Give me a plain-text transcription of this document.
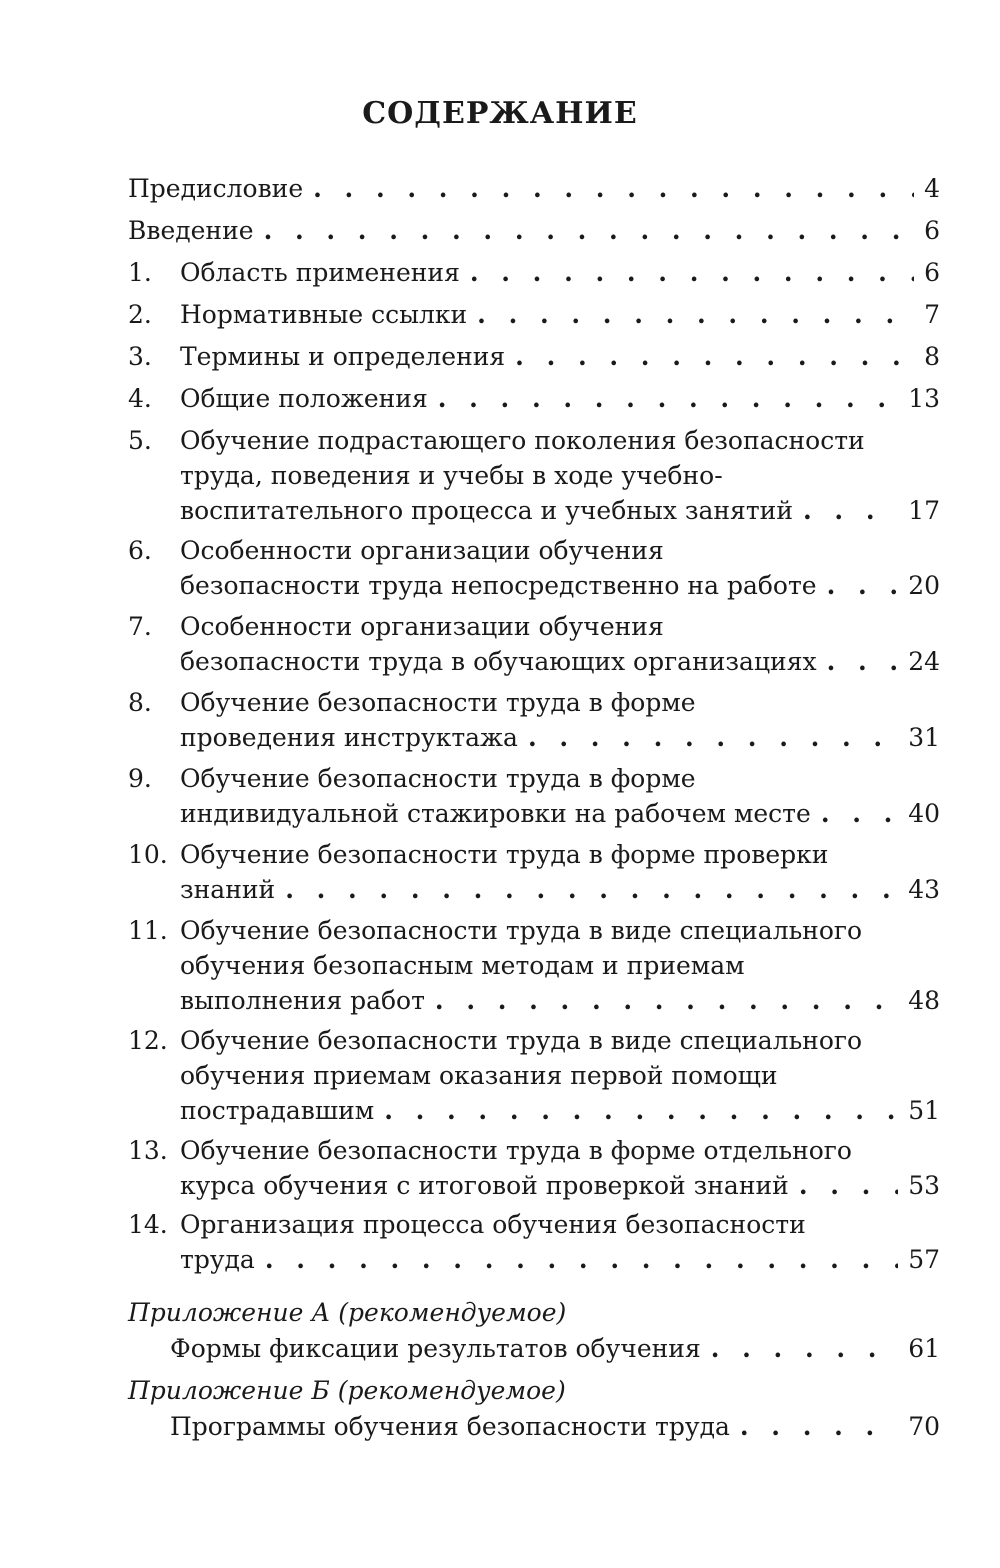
СОДЕРЖАНИЕ
Предисловие . . .	4
Введение . . .	6
1. Область применения . . .	6
2. Нормативные ссылки . . .	7
3. Термины и определения . . .	8
4. Общие положения . . .	13
5. Обучение подрастающего поколения безопасности
труда, поведения и учебы в ходе учебно-
воспитательного процесса и учебных занятий . . .	17
6. Особенности организации обучения
безопасности труда непосредственно на работе . . .	20
7. Особенности организации обучения
безопасности труда в обучающих организациях . . .	24
8. Обучение безопасности труда в форме
проведения инструктажа . . .	31
9. Обучение безопасности труда в форме
индивидуальной стажировки на рабочем месте . . .	40
10. Обучение безопасности труда в форме проверки
знаний . . .	43
11. Обучение безопасности труда в виде специального
обучения безопасным методам и приемам
выполнения работ . . .	48
12. Обучение безопасности труда в виде специального
обучения приемам оказания первой помощи
пострадавшим . . .	51
13. Обучение безопасности труда в форме отдельного
курса обучения с итоговой проверкой знаний . . .	53
14. Организация процесса обучения безопасности
труда . . .	57
Приложение А (рекомендуемое)
Формы фиксации результатов обучения . . .	61
Приложение Б (рекомендуемое)
Программы обучения безопасности труда . . .	70
